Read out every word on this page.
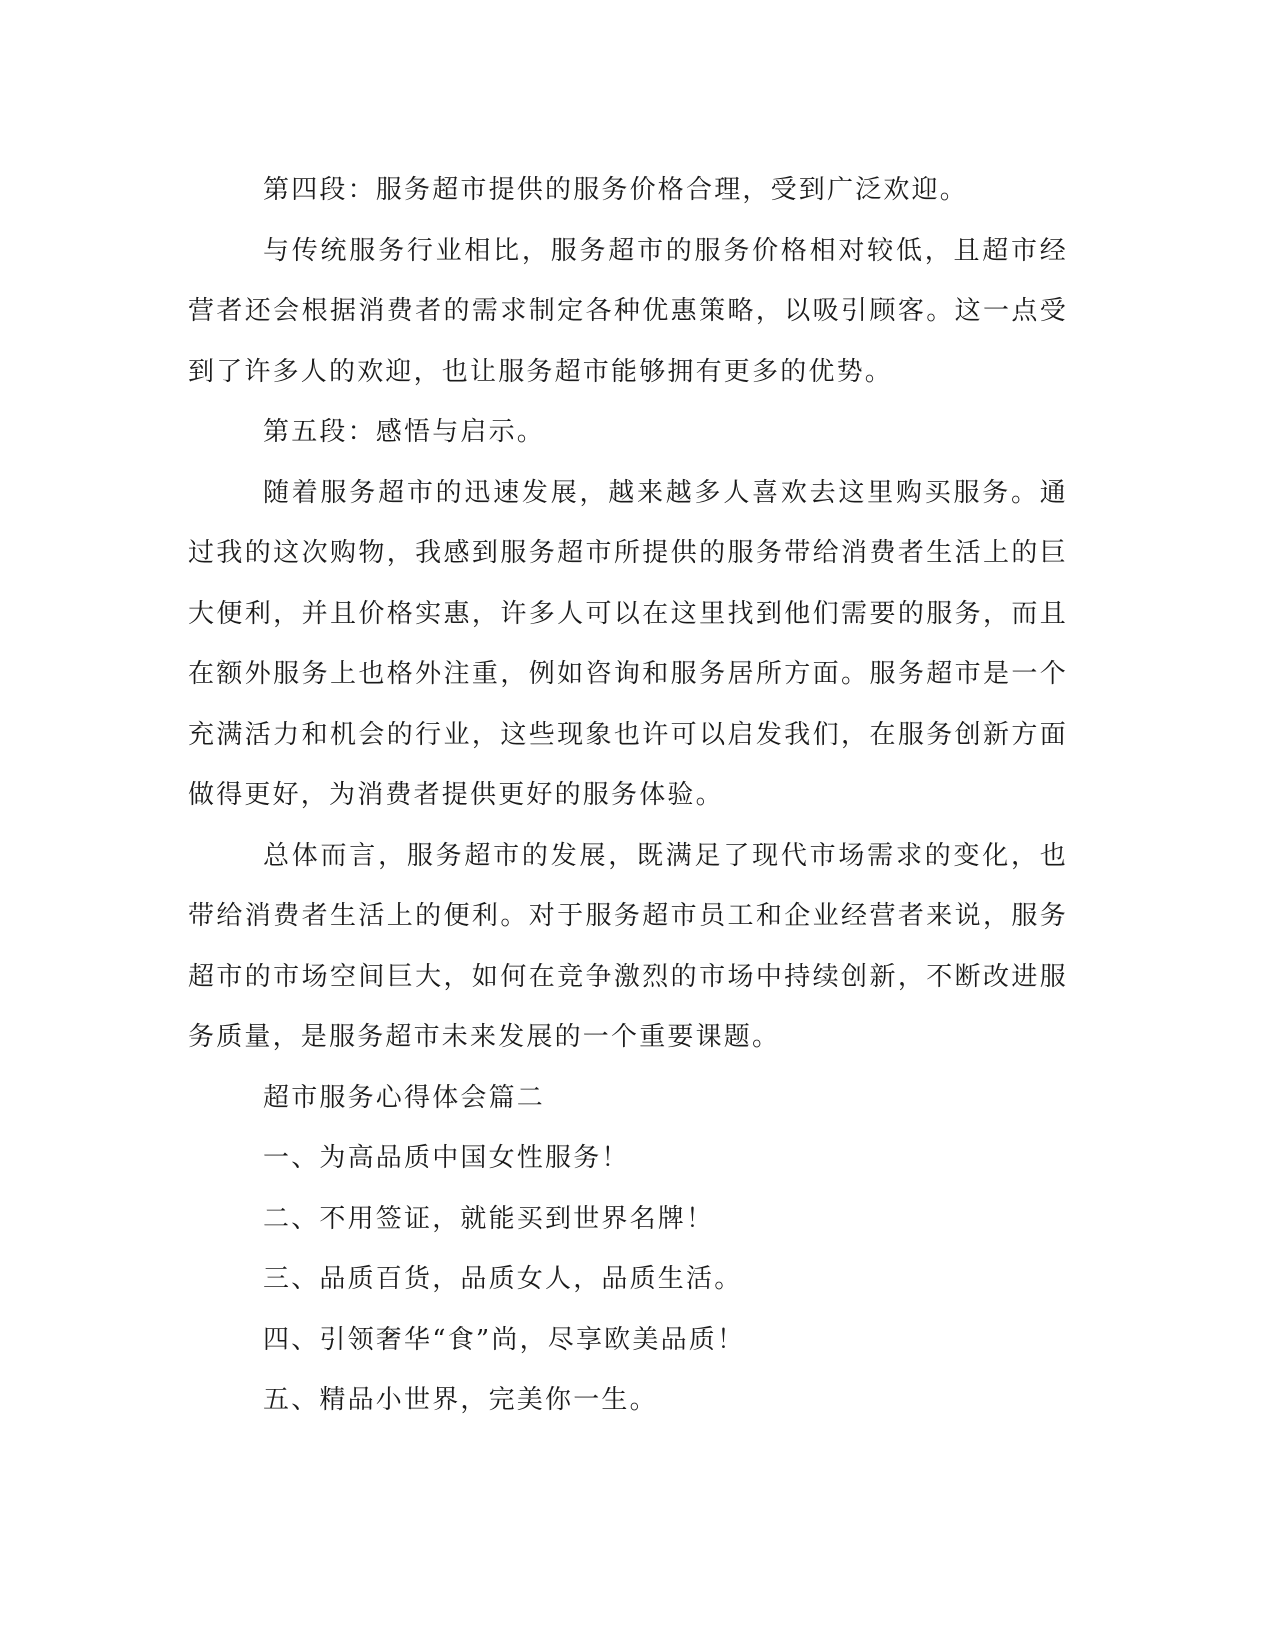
第四段：服务超市提供的服务价格合理，受到广泛欢迎。

与传统服务行业相比，服务超市的服务价格相对较低，且超市经营者还会根据消费者的需求制定各种优惠策略，以吸引顾客。这一点受到了许多人的欢迎，也让服务超市能够拥有更多的优势。

第五段：感悟与启示。

随着服务超市的迅速发展，越来越多人喜欢去这里购买服务。通过我的这次购物，我感到服务超市所提供的服务带给消费者生活上的巨大便利，并且价格实惠，许多人可以在这里找到他们需要的服务，而且在额外服务上也格外注重，例如咨询和服务居所方面。服务超市是一个充满活力和机会的行业，这些现象也许可以启发我们，在服务创新方面做得更好，为消费者提供更好的服务体验。

总体而言，服务超市的发展，既满足了现代市场需求的变化，也带给消费者生活上的便利。对于服务超市员工和企业经营者来说，服务超市的市场空间巨大，如何在竞争激烈的市场中持续创新，不断改进服务质量，是服务超市未来发展的一个重要课题。

超市服务心得体会篇二

一、为高品质中国女性服务！

二、不用签证，就能买到世界名牌！

三、品质百货，品质女人，品质生活。

四、引领奢华“食”尚，尽享欧美品质！

五、精品小世界，完美你一生。
